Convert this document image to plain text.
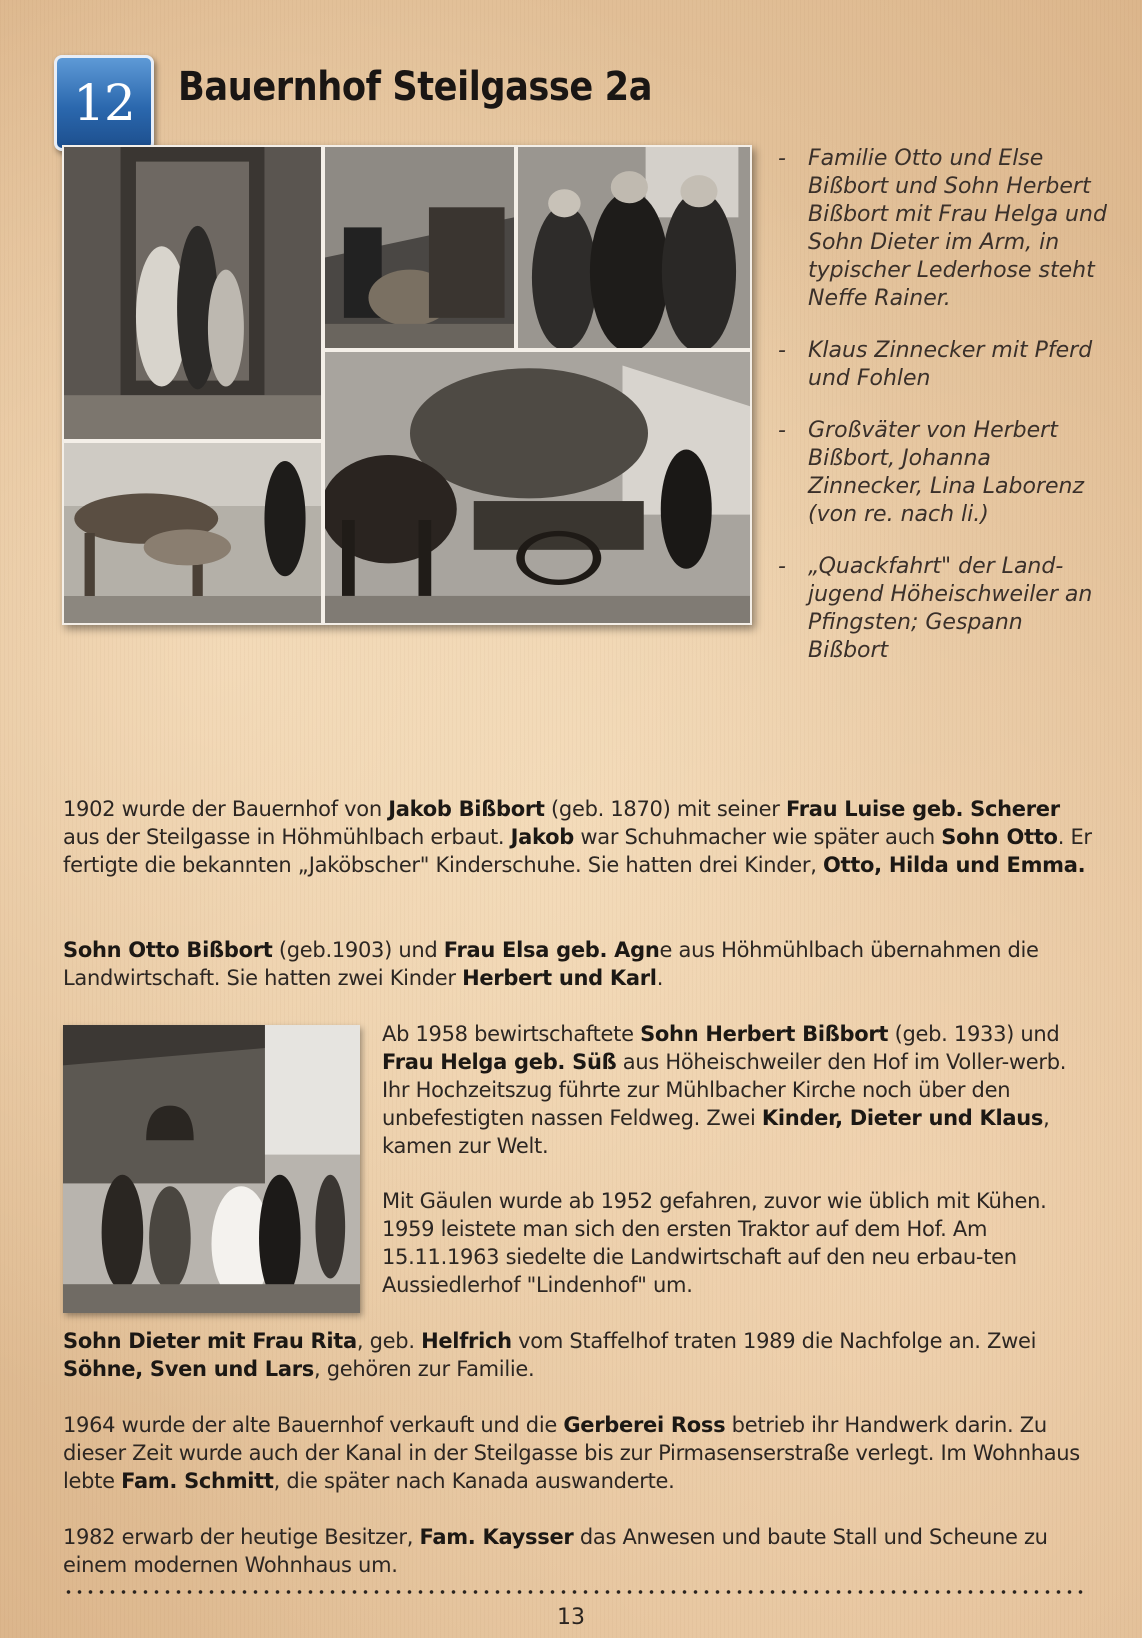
12 Bauernhof Steilgasse 2a
- Familie Otto und Else Bißbort und Sohn Herbert Bißbort mit Frau Helga und Sohn Dieter im Arm, in typischer Lederhose steht Neffe Rainer.
- Klaus Zinnecker mit Pferd und Fohlen
- Großväter von Herbert Bißbort, Johanna Zinnecker, Lina Laborenz (von re. nach li.)
- „Quackfahrt" der Land-jugend Höheischweiler an Pfingsten; Gespann Bißbort

1902 wurde der Bauernhof von Jakob Bißbort (geb. 1870) mit seiner Frau Luise geb. Scherer aus der Steilgasse in Höhmühlbach erbaut. Jakob war Schuhmacher wie später auch Sohn Otto. Er fertigte die bekannten „Jaköbscher" Kinderschuhe. Sie hatten drei Kinder, Otto, Hilda und Emma.

Sohn Otto Bißbort (geb.1903) und Frau Elsa geb. Agne aus Höhmühlbach übernahmen die Landwirtschaft. Sie hatten zwei Kinder Herbert und Karl.

Ab 1958 bewirtschaftete Sohn Herbert Bißbort (geb. 1933) und Frau Helga geb. Süß aus Höheischweiler den Hof im Voller-werb. Ihr Hochzeitszug führte zur Mühlbacher Kirche noch über den unbefestigten nassen Feldweg. Zwei Kinder, Dieter und Klaus, kamen zur Welt.

Mit Gäulen wurde ab 1952 gefahren, zuvor wie üblich mit Kühen. 1959 leistete man sich den ersten Traktor auf dem Hof. Am 15.11.1963 siedelte die Landwirtschaft auf den neu erbau-ten Aussiedlerhof "Lindenhof" um.

Sohn Dieter mit Frau Rita, geb. Helfrich vom Staffelhof traten 1989 die Nachfolge an. Zwei Söhne, Sven und Lars, gehören zur Familie.

1964 wurde der alte Bauernhof verkauft und die Gerberei Ross betrieb ihr Handwerk darin. Zu dieser Zeit wurde auch der Kanal in der Steilgasse bis zur Pirmasenserstraße verlegt. Im Wohnhaus lebte Fam. Schmitt, die später nach Kanada auswanderte.

1982 erwarb der heutige Besitzer, Fam. Kaysser das Anwesen und baute Stall und Scheune zu einem modernen Wohnhaus um.

13
